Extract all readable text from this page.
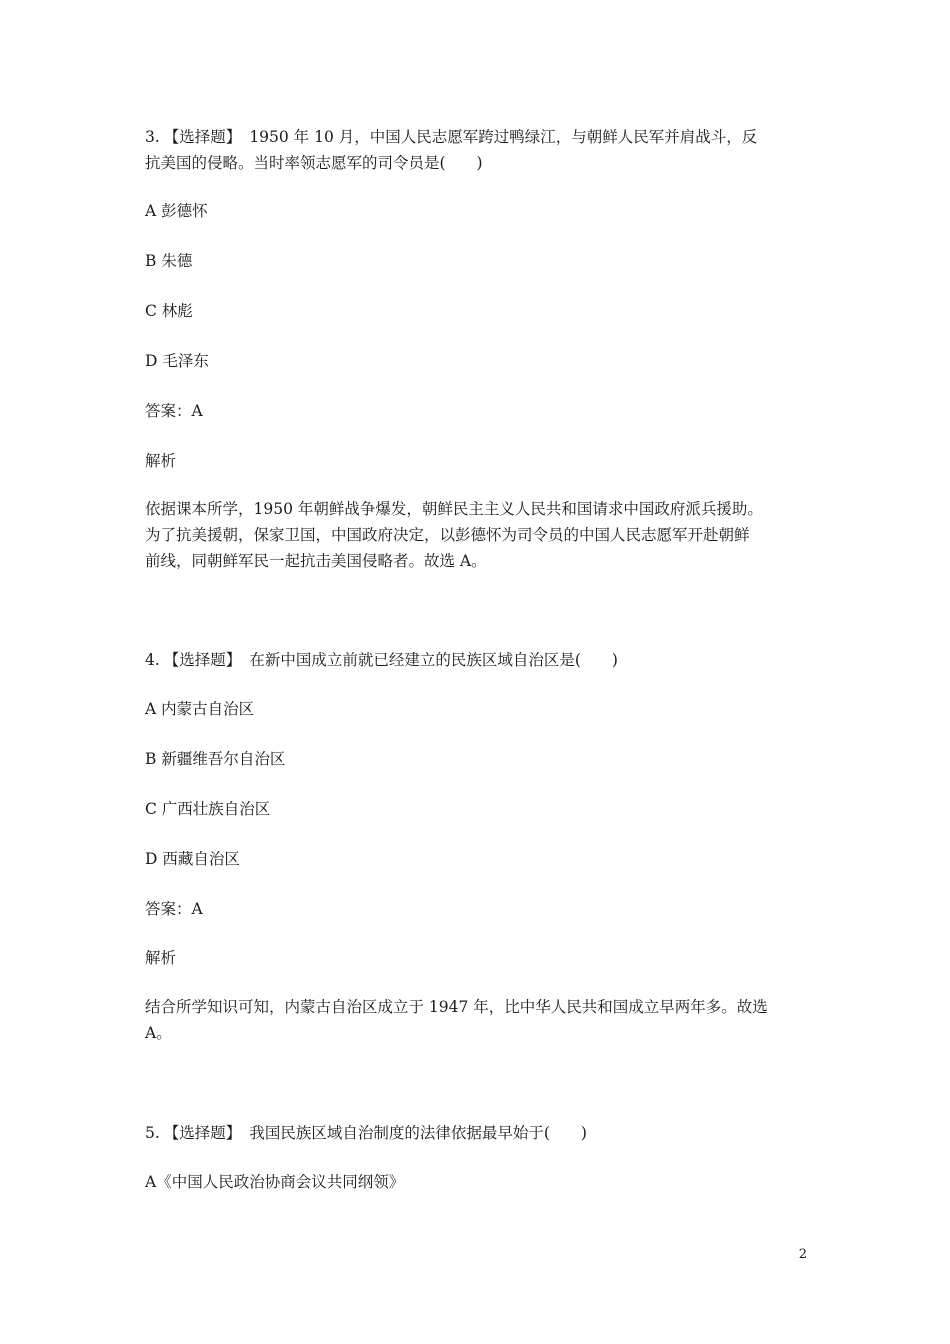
3. 【选择题】 1950 年 10 月，中国人民志愿军跨过鸭绿江，与朝鲜人民军并肩战斗，反
抗美国的侵略。当时率领志愿军的司令员是(　　)
A 彭德怀
B 朱德
C 林彪
D 毛泽东
答案：A
解析
依据课本所学，1950 年朝鲜战争爆发，朝鲜民主主义人民共和国请求中国政府派兵援助。
为了抗美援朝，保家卫国，中国政府决定，以彭德怀为司令员的中国人民志愿军开赴朝鲜
前线，同朝鲜军民一起抗击美国侵略者。故选 A。
4. 【选择题】 在新中国成立前就已经建立的民族区域自治区是(　　)
A 内蒙古自治区
B 新疆维吾尔自治区
C 广西壮族自治区
D 西藏自治区
答案：A
解析
结合所学知识可知，内蒙古自治区成立于 1947 年，比中华人民共和国成立早两年多。故选
A。
5. 【选择题】 我国民族区域自治制度的法律依据最早始于(　　)
A《中国人民政治协商会议共同纲领》
2
